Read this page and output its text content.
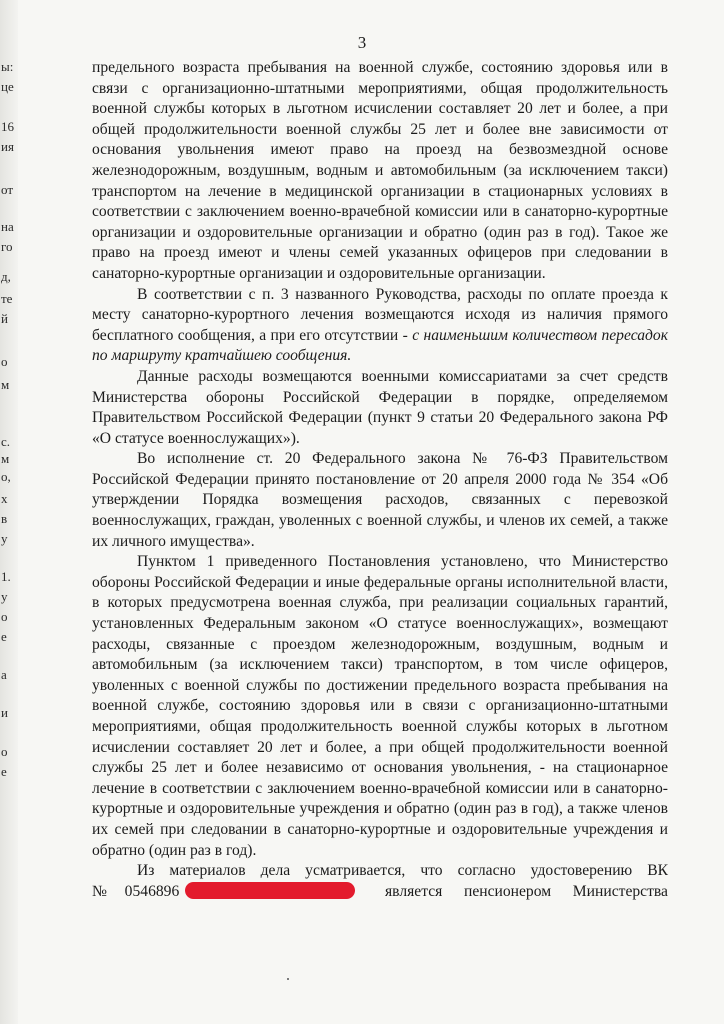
ы:
це
16
ия
от
на
го
д,
те
й
о
м
с.
м
о,
х
в
у
1.
у
о
е
а
и
о
е
3

предельного возраста пребывания на военной службе, состоянию здоровья или в связи с организационно-штатными мероприятиями, общая продолжительность военной службы которых в льготном исчислении составляет 20 лет и более, а при общей продолжительности военной службы 25 лет и более вне зависимости от основания увольнения имеют право на проезд на безвозмездной основе железнодорожным, воздушным, водным и автомобильным (за исключением такси) транспортом на лечение в медицинской организации в стационарных условиях в соответствии с заключением военно-врачебной комиссии или в санаторно-курортные организации и оздоровительные организации и обратно (один раз в год). Такое же право на проезд имеют и члены семей указанных офицеров при следовании в санаторно-курортные организации и оздоровительные организации.

В соответствии с п. 3 названного Руководства, расходы по оплате проезда к месту санаторно-курортного лечения возмещаются исходя из наличия прямого бесплатного сообщения, а при его отсутствии - с наименьшим количеством пересадок по маршруту кратчайшею сообщения.

Данные расходы возмещаются военными комиссариатами за счет средств Министерства обороны Российской Федерации в порядке, определяемом Правительством Российской Федерации (пункт 9 статьи 20 Федерального закона РФ «О статусе военнослужащих»).

Во исполнение ст. 20 Федерального закона № 76-ФЗ Правительством Российской Федерации принято постановление от 20 апреля 2000 года № 354 «Об утверждении Порядка возмещения расходов, связанных с перевозкой военнослужащих, граждан, уволенных с военной службы, и членов их семей, а также их личного имущества».

Пунктом 1 приведенного Постановления установлено, что Министерство обороны Российской Федерации и иные федеральные органы исполнительной власти, в которых предусмотрена военная служба, при реализации социальных гарантий, установленных Федеральным законом «О статусе военнослужащих», возмещают расходы, связанные с проездом железнодорожным, воздушным, водным и автомобильным (за исключением такси) транспортом, в том числе офицеров, уволенных с военной службы по достижении предельного возраста пребывания на военной службе, состоянию здоровья или в связи с организационно-штатными мероприятиями, общая продолжительность военной службы которых в льготном исчислении составляет 20 лет и более, а при общей продолжительности военной службы 25 лет и более независимо от основания увольнения, - на стационарное лечение в соответствии с заключением военно-врачебной комиссии или в санаторно-курортные и оздоровительные учреждения и обратно (один раз в год), а также членов их семей при следовании в санаторно-курортные и оздоровительные учреждения и обратно (один раз в год).

Из материалов дела усматривается, что согласно удостоверению ВК
№0546896	является пенсионером Министерства
